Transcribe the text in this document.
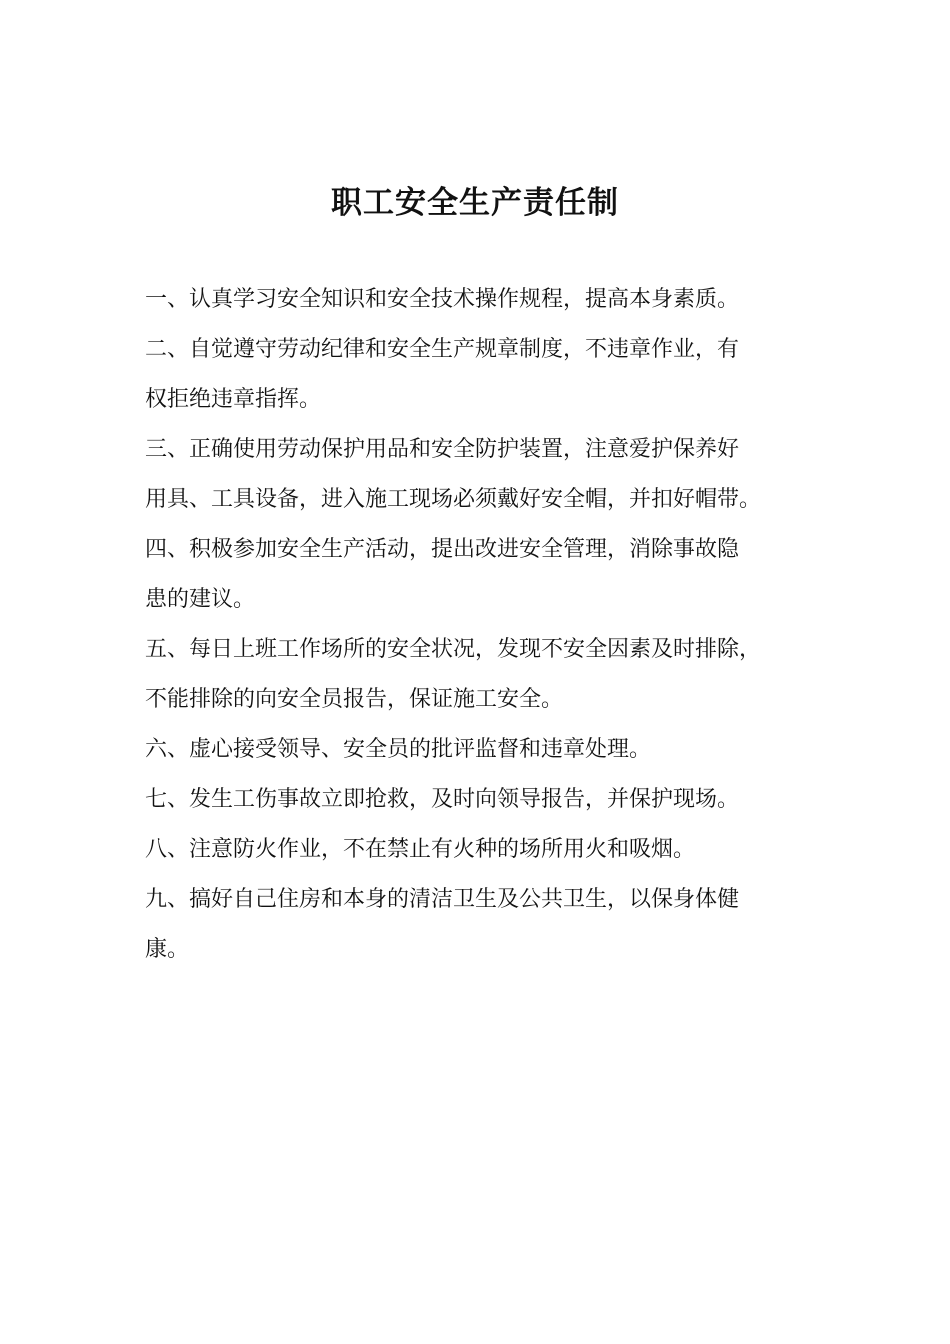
职工安全生产责任制

一、认真学习安全知识和安全技术操作规程，提高本身素质。

二、自觉遵守劳动纪律和安全生产规章制度，不违章作业，有

权拒绝违章指挥。

三、正确使用劳动保护用品和安全防护装置，注意爱护保养好

用具、工具设备，进入施工现场必须戴好安全帽，并扣好帽带。

四、积极参加安全生产活动，提出改进安全管理，消除事故隐

患的建议。

五、每日上班工作场所的安全状况，发现不安全因素及时排除，

不能排除的向安全员报告，保证施工安全。

六、虚心接受领导、安全员的批评监督和违章处理。

七、发生工伤事故立即抢救，及时向领导报告，并保护现场。

八、注意防火作业，不在禁止有火种的场所用火和吸烟。

九、搞好自己住房和本身的清洁卫生及公共卫生，以保身体健

康。
